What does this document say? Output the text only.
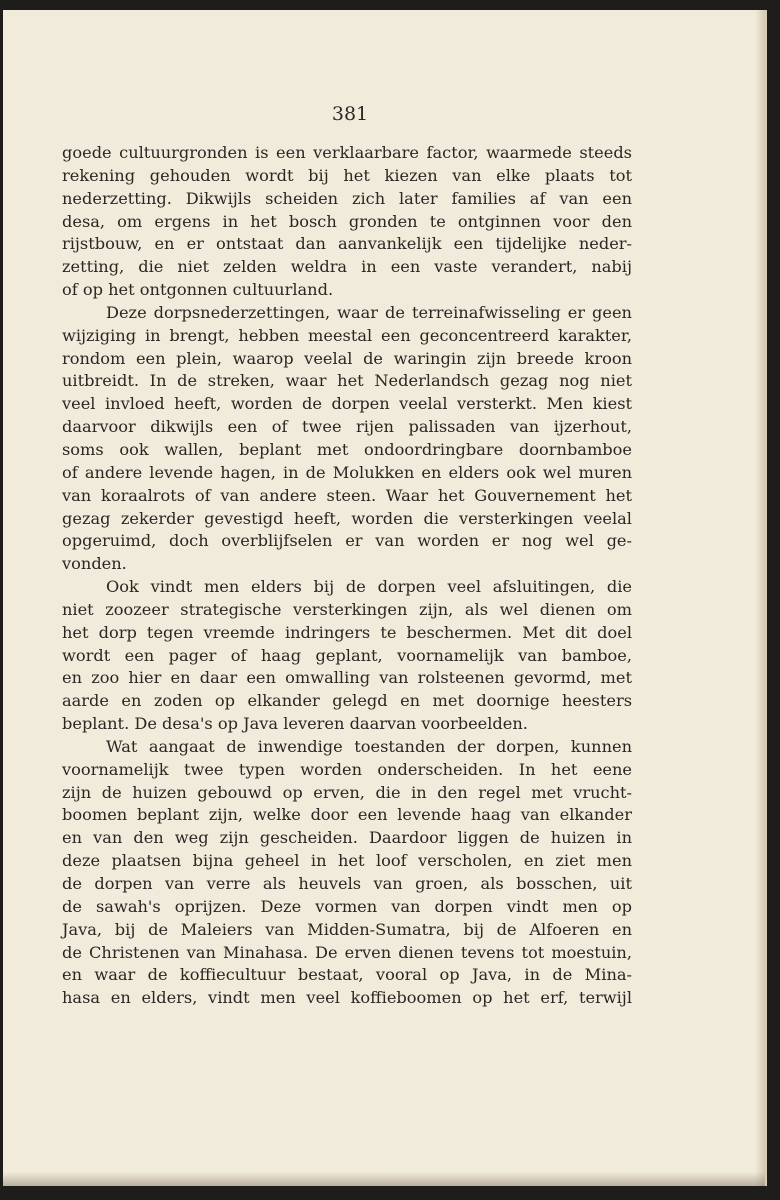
381

goede cultuurgronden is een verklaarbare factor, waarmede steeds
rekening gehouden wordt bij het kiezen van elke plaats tot
nederzetting. Dikwijls scheiden zich later families af van een
desa, om ergens in het bosch gronden te ontginnen voor den
rijstbouw, en er ontstaat dan aanvankelijk een tijdelijke neder-
zetting, die niet zelden weldra in een vaste verandert, nabij
of op het ontgonnen cultuurland.
Deze dorpsnederzettingen, waar de terreinafwisseling er geen
wijziging in brengt, hebben meestal een geconcentreerd karakter,
rondom een plein, waarop veelal de waringin zijn breede kroon
uitbreidt. In de streken, waar het Nederlandsch gezag nog niet
veel invloed heeft, worden de dorpen veelal versterkt. Men kiest
daarvoor dikwijls een of twee rijen palissaden van ijzerhout,
soms ook wallen, beplant met ondoordringbare doornbamboe
of andere levende hagen, in de Molukken en elders ook wel muren
van koraalrots of van andere steen. Waar het Gouvernement het
gezag zekerder gevestigd heeft, worden die versterkingen veelal
opgeruimd, doch overblijfselen er van worden er nog wel ge-
vonden.
Ook vindt men elders bij de dorpen veel afsluitingen, die
niet zoozeer strategische versterkingen zijn, als wel dienen om
het dorp tegen vreemde indringers te beschermen. Met dit doel
wordt een pager of haag geplant, voornamelijk van bamboe,
en zoo hier en daar een omwalling van rolsteenen gevormd, met
aarde en zoden op elkander gelegd en met doornige heesters
beplant. De desa's op Java leveren daarvan voorbeelden.
Wat aangaat de inwendige toestanden der dorpen, kunnen
voornamelijk twee typen worden onderscheiden. In het eene
zijn de huizen gebouwd op erven, die in den regel met vrucht-
boomen beplant zijn, welke door een levende haag van elkander
en van den weg zijn gescheiden. Daardoor liggen de huizen in
deze plaatsen bijna geheel in het loof verscholen, en ziet men
de dorpen van verre als heuvels van groen, als bosschen, uit
de sawah's oprijzen. Deze vormen van dorpen vindt men op
Java, bij de Maleiers van Midden-Sumatra, bij de Alfoeren en
de Christenen van Minahasa. De erven dienen tevens tot moestuin,
en waar de koffiecultuur bestaat, vooral op Java, in de Mina-
hasa en elders, vindt men veel koffieboomen op het erf, terwijl
